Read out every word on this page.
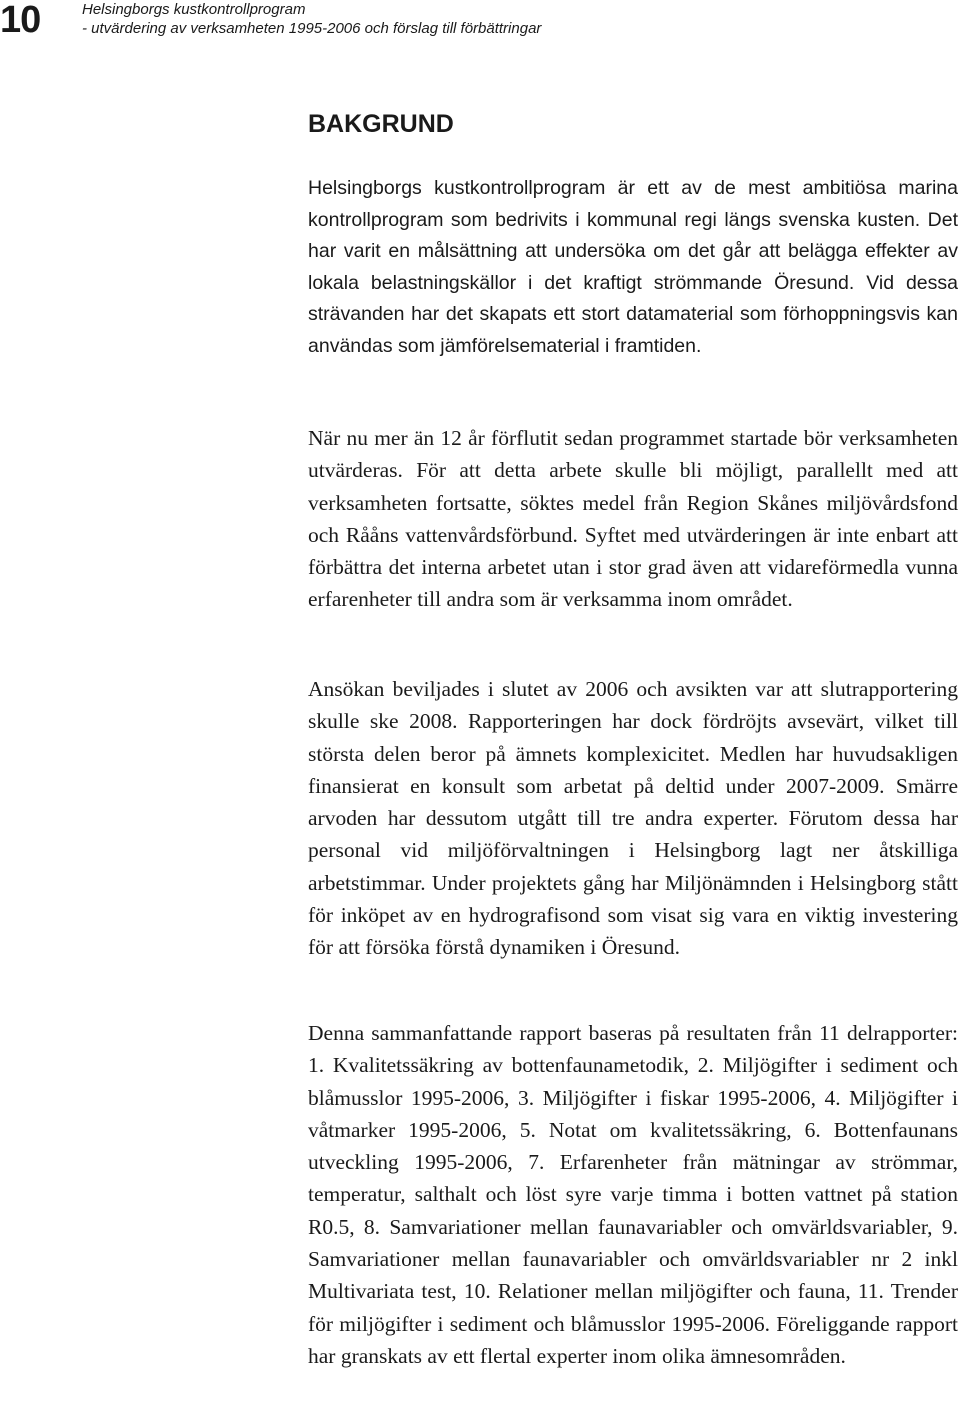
10	Helsingborgs kustkontrollprogram
- utvärdering av verksamheten 1995-2006 och förslag till förbättringar
BAKGRUND

Helsingborgs kustkontrollprogram är ett av de mest ambitiösa marina kontrollprogram som bedrivits i kommunal regi längs svenska kusten. Det har varit en målsättning att undersöka om det går att belägga effekter av lokala belastningskällor i det kraftigt strömmande Öresund. Vid dessa strävanden har det skapats ett stort datamaterial som förhoppningsvis kan användas som jämförelsematerial i framtiden.

När nu mer än 12 år förflutit sedan programmet startade bör verksamheten utvärderas. För att detta arbete skulle bli möjligt, parallellt med att verksamheten fortsatte, söktes medel från Region Skånes miljövårdsfond och Rååns vattenvårdsförbund. Syftet med utvärderingen är inte enbart att förbättra det interna arbetet utan i stor grad även att vidareförmedla vunna erfarenheter till andra som är verksamma inom området.

Ansökan beviljades i slutet av 2006 och avsikten var att slutrapportering skulle ske 2008. Rapporteringen har dock fördröjts avsevärt, vilket till största delen beror på ämnets komplexicitet. Medlen har huvudsakligen finansierat en konsult som arbetat på deltid under 2007-2009. Smärre arvoden har dessutom utgått till tre andra experter. Förutom dessa har personal vid miljöförvaltningen i Helsingborg lagt ner åtskilliga arbetstimmar. Under projektets gång har Miljönämnden i Helsingborg stått för inköpet av en hydrografisond som visat sig vara en viktig investering för att försöka förstå dynamiken i Öresund.

Denna sammanfattande rapport baseras på resultaten från 11 delrapporter: 1. Kvalitetssäkring av bottenfaunametodik, 2. Miljögifter i sediment och blåmusslor 1995-2006, 3. Miljögifter i fiskar 1995-2006, 4. Miljögifter i våtmarker 1995-2006, 5. Notat om kvalitetssäkring, 6. Bottenfaunans utveckling 1995-2006, 7. Erfarenheter från mätningar av strömmar, temperatur, salthalt och löst syre varje timma i botten vattnet på station R0.5, 8. Samvariationer mellan faunavariabler och omvärldsvariabler, 9. Samvariationer mellan faunavariabler och omvärldsvariabler nr 2 inkl Multivariata test, 10. Relationer mellan miljögifter och fauna, 11. Trender för miljögifter i sediment och blåmusslor 1995-2006. Föreliggande rapport har granskats av ett flertal experter inom olika ämnesområden.
